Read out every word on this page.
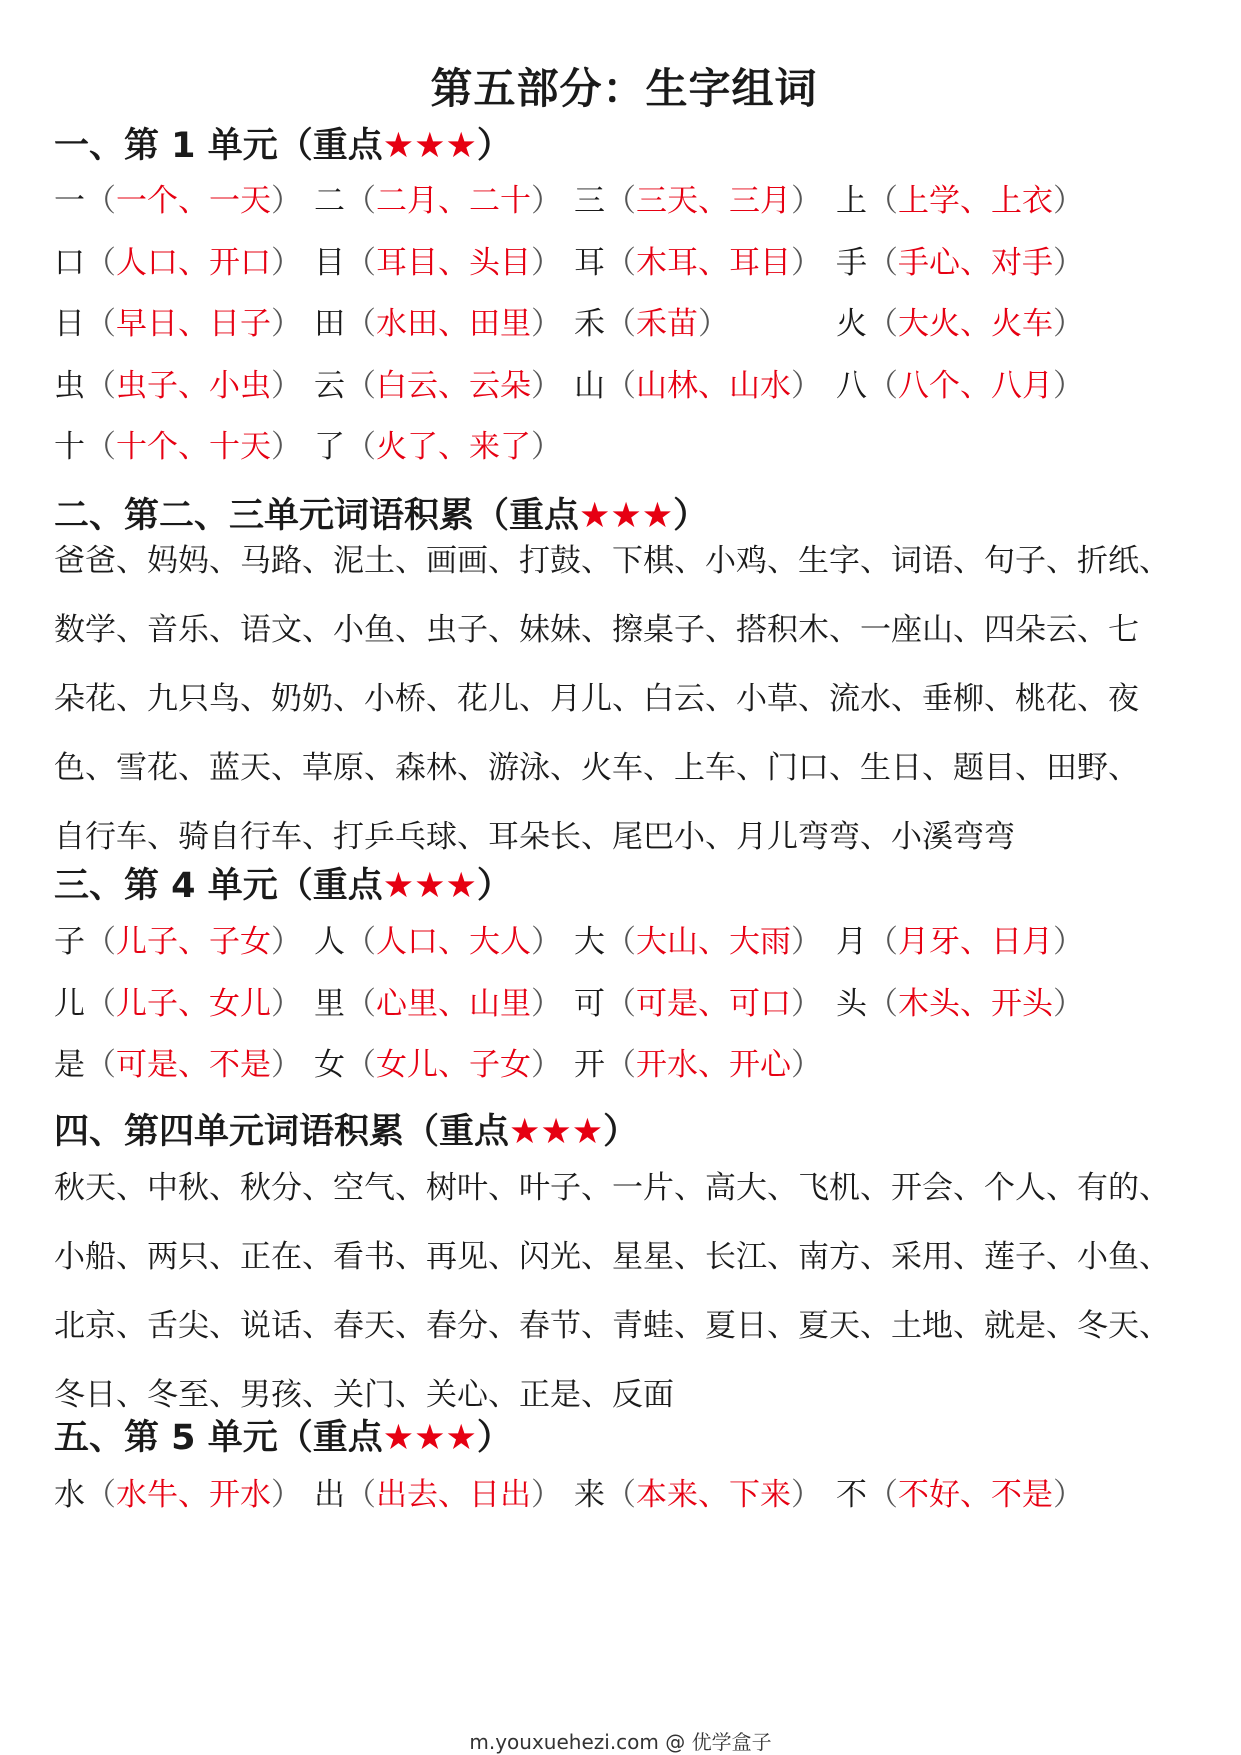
第五部分：生字组词
一、第 1 单元（重点★★★）
一（一个、一天） 二（二月、二十） 三（三天、三月） 上（上学、上衣）
口（人口、开口） 目（耳目、头目） 耳（木耳、耳目） 手（手心、对手）
日（早日、日子） 田（水田、田里） 禾（禾苗）	火（大火、火车）
虫（虫子、小虫） 云（白云、云朵） 山（山林、山水） 八（八个、八月）
十（十个、十天） 了（火了、来了）
二、第二、三单元词语积累（重点★★★）
爸爸、妈妈、马路、泥土、画画、打鼓、下棋、小鸡、生字、词语、句子、折纸、
数学、音乐、语文、小鱼、虫子、妹妹、擦桌子、搭积木、一座山、四朵云、七
朵花、九只鸟、奶奶、小桥、花儿、月儿、白云、小草、流水、垂柳、桃花、夜
色、雪花、蓝天、草原、森林、游泳、火车、上车、门口、生日、题目、田野、
自行车、骑自行车、打乒乓球、耳朵长、尾巴小、月儿弯弯、小溪弯弯
三、第 4 单元（重点★★★）
子（儿子、子女） 人（人口、大人） 大（大山、大雨） 月（月牙、日月）
儿（儿子、女儿） 里（心里、山里） 可（可是、可口） 头（木头、开头）
是（可是、不是） 女（女儿、子女） 开（开水、开心）
四、第四单元词语积累（重点★★★）
秋天、中秋、秋分、空气、树叶、叶子、一片、高大、飞机、开会、个人、有的、
小船、两只、正在、看书、再见、闪光、星星、长江、南方、采用、莲子、小鱼、
北京、舌尖、说话、春天、春分、春节、青蛙、夏日、夏天、土地、就是、冬天、
冬日、冬至、男孩、关门、关心、正是、反面
五、第 5 单元（重点★★★）
水（水牛、开水） 出（出去、日出） 来（本来、下来） 不（不好、不是）
m.youxuehezi.com @ 优学盒子
